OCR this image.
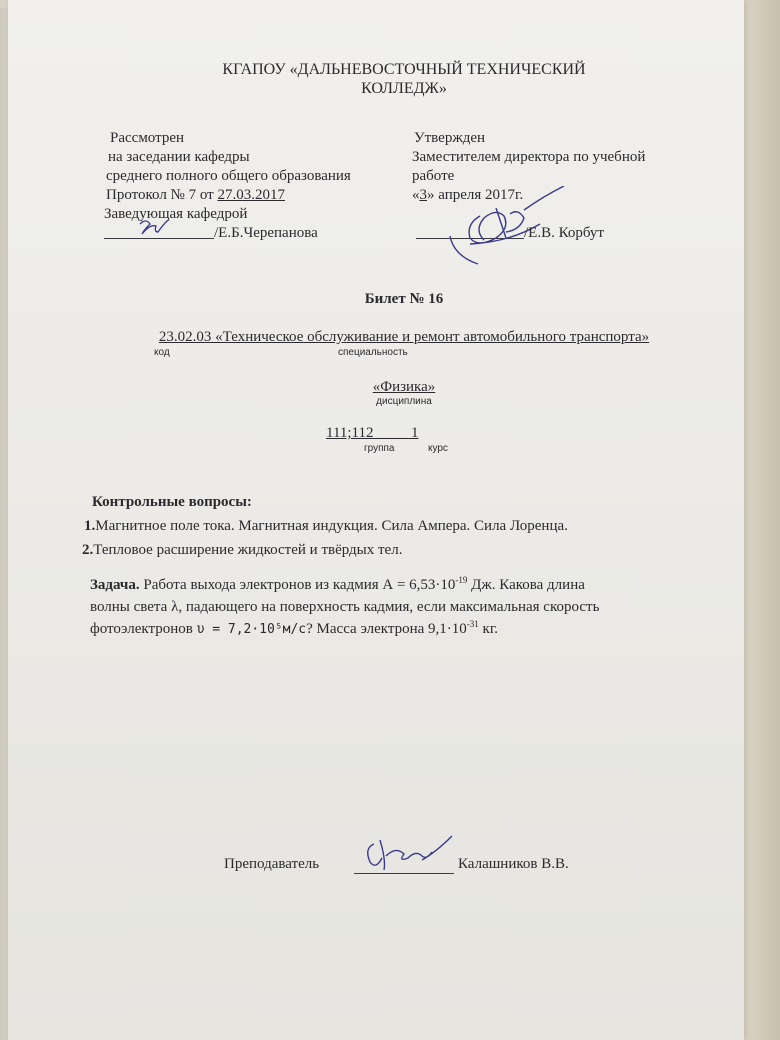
КГАПОУ «ДАЛЬНЕВОСТОЧНЫЙ ТЕХНИЧЕСКИЙ
КОЛЛЕДЖ»
Рассмотрен
на заседании кафедры
среднего полного общего образования
Протокол № 7 от 27.03.2017
Заведующая кафедрой
/Е.Б.Черепанова
Утвержден
Заместителем директора по учебной
работе
«3» апреля 2017г.
/Е.В. Корбут
Билет № 16
23.02.03 «Техническое обслуживание и ремонт автомобильного транспорта»
код	специальность
«Физика»
дисциплина
111;112          1
группа	курс
Контрольные вопросы:
1.Магнитное поле тока. Магнитная индукция. Сила Ампера. Сила Лоренца.
2.Тепловое расширение жидкостей и твёрдых тел.
Задача. Работа выхода электронов из кадмия $А = 6,53\cdot 10^{-19}$ Дж. Какова длина
волны света λ, падающего на поверхность кадмия, если максимальная скорость
фотоэлектронов υ = 7,2·10⁵м/с? Масса электрона $9,1\cdot 10^{-31}$ кг.
Преподаватель	Калашников В.В.
